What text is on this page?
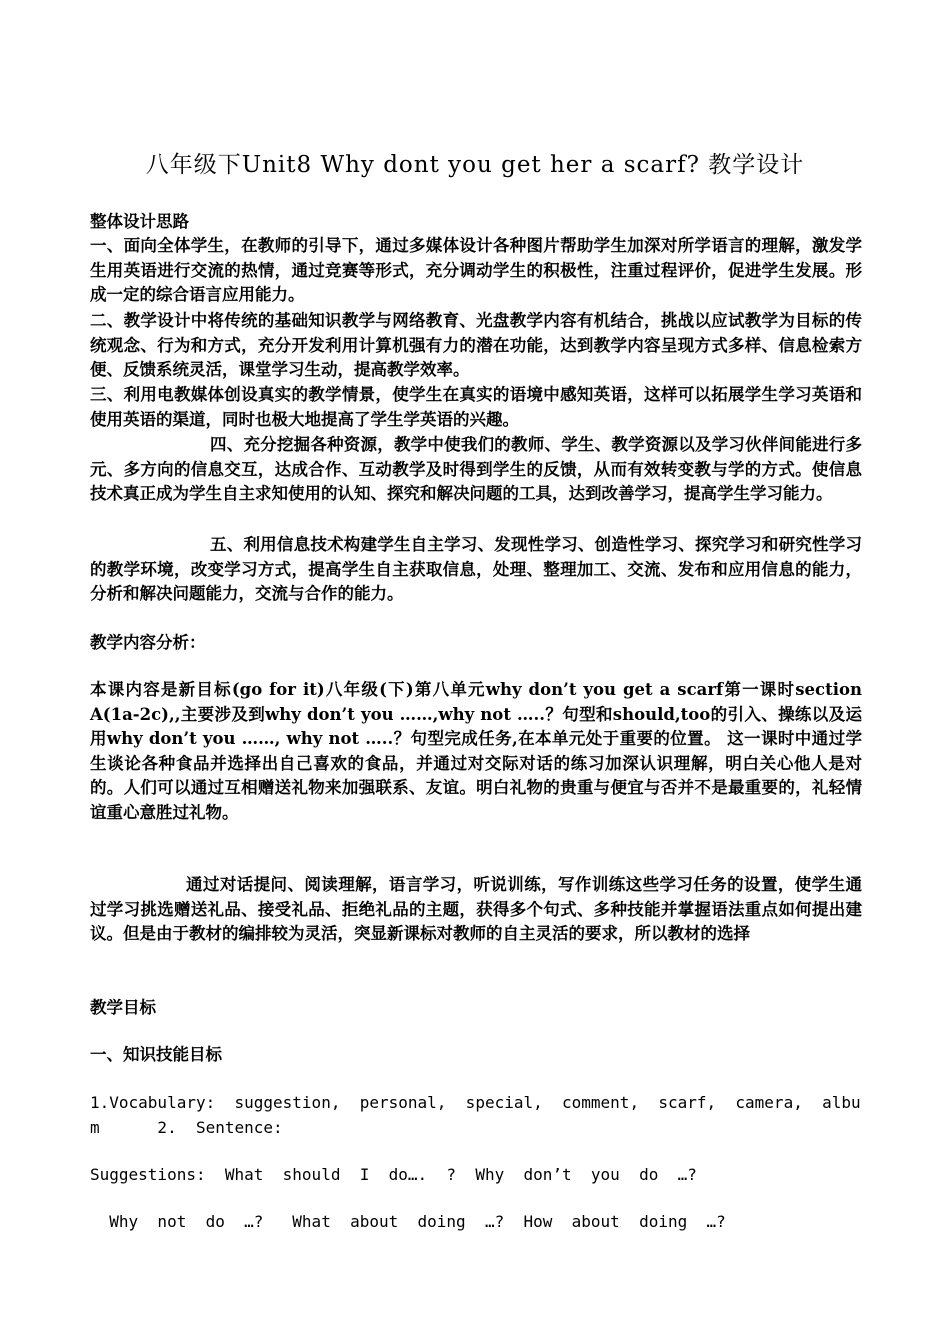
八年级下Unit8 Why dont you get her a scarf? 教学设计
整体设计思路
一、面向全体学生，在教师的引导下，通过多媒体设计各种图片帮助学生加深对所学语言的理解，激发学生用英语进行交流的热情，通过竞赛等形式，充分调动学生的积极性，注重过程评价，促进学生发展。形成一定的综合语言应用能力。
二、教学设计中将传统的基础知识教学与网络教育、光盘教学内容有机结合，挑战以应试教学为目标的传统观念、行为和方式，充分开发利用计算机强有力的潜在功能，达到教学内容呈现方式多样、信息检索方便、反馈系统灵活，课堂学习生动，提高教学效率。
三、利用电教媒体创设真实的教学情景，使学生在真实的语境中感知英语，这样可以拓展学生学习英语和使用英语的渠道，同时也极大地提高了学生学英语的兴趣。
四、充分挖掘各种资源，教学中使我们的教师、学生、教学资源以及学习伙伴间能进行多元、多方向的信息交互，达成合作、互动教学及时得到学生的反馈，从而有效转变教与学的方式。使信息技术真正成为学生自主求知使用的认知、探究和解决问题的工具，达到改善学习，提高学生学习能力。
五、利用信息技术构建学生自主学习、发现性学习、创造性学习、探究学习和研究性学习的教学环境，改变学习方式，提高学生自主获取信息，处理、整理加工、交流、发布和应用信息的能力，分析和解决问题能力，交流与合作的能力。
教学内容分析：
本课内容是新目标(go for it)八年级(下)第八单元why don’t you get a scarf第一课时section A(1a-2c),,主要涉及到why don’t you ……,why not …..？句型和should,too的引入、操练以及运用why don’t you ……, why not …..？句型完成任务,在本单元处于重要的位置。 这一课时中通过学生谈论各种食品并选择出自己喜欢的食品，并通过对交际对话的练习加深认识理解，明白关心他人是对的。人们可以通过互相赠送礼物来加强联系、友谊。明白礼物的贵重与便宜与否并不是最重要的，礼轻情谊重心意胜过礼物。
通过对话提问、阅读理解，语言学习，听说训练，写作训练这些学习任务的设置，使学生通过学习挑选赠送礼品、接受礼品、拒绝礼品的主题，获得多个句式、多种技能并掌握语法重点如何提出建议。但是由于教材的编排较为灵活，突显新课标对教师的自主灵活的要求，所以教材的选择
教学目标
一、知识技能目标
1.Vocabulary:  suggestion,  personal,  special,  comment,  scarf,  camera,  albu
m      2.  Sentence:
Suggestions:  What  should  I  do….  ?  Why  don’t  you  do  …?
Why  not  do  …?   What  about  doing  …?  How  about  doing  …?
